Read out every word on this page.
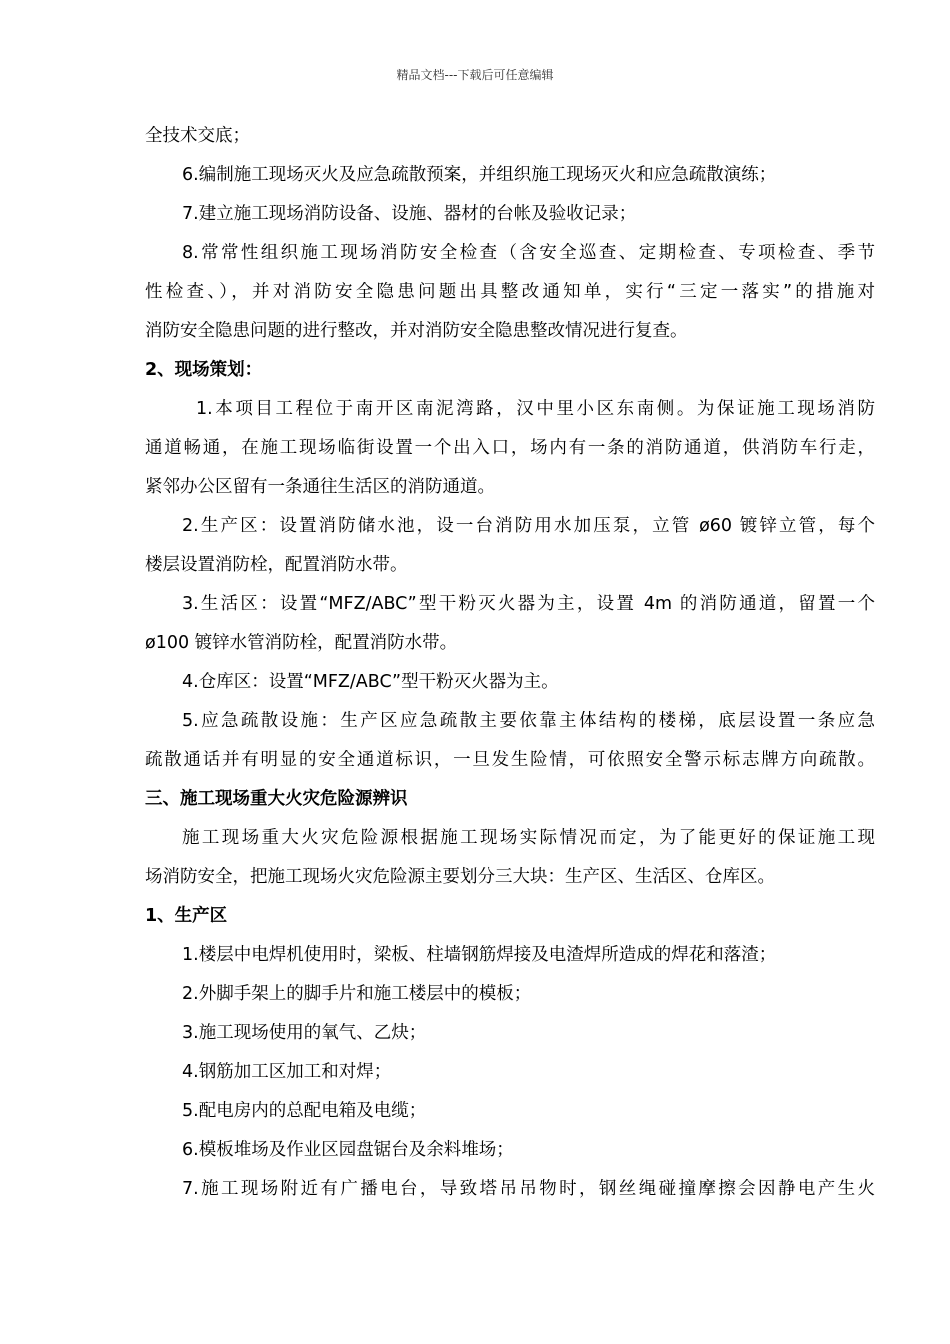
精品文档---下载后可任意编辑
全技术交底；
6.编制施工现场灭火及应急疏散预案，并组织施工现场灭火和应急疏散演练；
7.建立施工现场消防设备、设施、器材的台帐及验收记录；
8.常常性组织施工现场消防安全检查（含安全巡查、定期检查、专项检查、季节
性检查、），并对消防安全隐患问题出具整改通知单，实行“三定一落实”的措施对
消防安全隐患问题的进行整改，并对消防安全隐患整改情况进行复查。
2、现场策划：
1.本项目工程位于南开区南泥湾路，汉中里小区东南侧。为保证施工现场消防
通道畅通，在施工现场临街设置一个出入口，场内有一条的消防通道，供消防车行走，
紧邻办公区留有一条通往生活区的消防通道。
2.生产区：设置消防储水池，设一台消防用水加压泵，立管 ø60 镀锌立管，每个
楼层设置消防栓，配置消防水带。
3.生活区：设置“MFZ/ABC”型干粉灭火器为主，设置 4m 的消防通道，留置一个
ø100 镀锌水管消防栓，配置消防水带。
4.仓库区：设置“MFZ/ABC”型干粉灭火器为主。
5.应急疏散设施：生产区应急疏散主要依靠主体结构的楼梯，底层设置一条应急
疏散通话并有明显的安全通道标识，一旦发生险情，可依照安全警示标志牌方向疏散。
三、施工现场重大火灾危险源辨识
施工现场重大火灾危险源根据施工现场实际情况而定，为了能更好的保证施工现
场消防安全，把施工现场火灾危险源主要划分三大块：生产区、生活区、仓库区。
1、生产区
1.楼层中电焊机使用时，梁板、柱墙钢筋焊接及电渣焊所造成的焊花和落渣；
2.外脚手架上的脚手片和施工楼层中的模板；
3.施工现场使用的氧气、乙炔；
4.钢筋加工区加工和对焊；
5.配电房内的总配电箱及电缆；
6.模板堆场及作业区园盘锯台及余料堆场；
7.施工现场附近有广播电台，导致塔吊吊物时，钢丝绳碰撞摩擦会因静电产生火
